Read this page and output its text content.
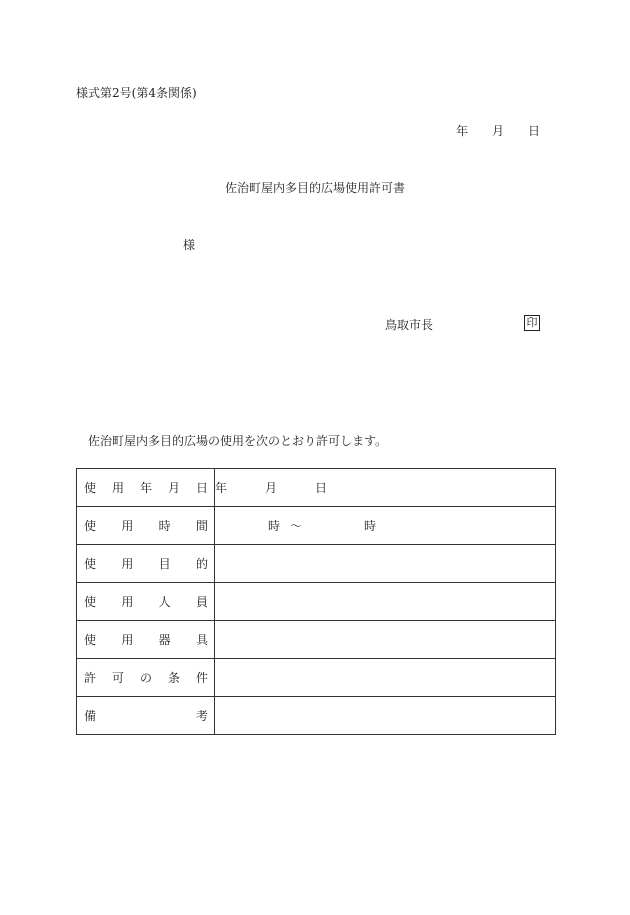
様式第2号(第4条関係)
年 月 日
佐治町屋内多目的広場使用許可書
様
鳥取市長	印
佐治町屋内多目的広場の使用を次のとおり許可します。
使 用 年 月 日	年 月 日

使 用 時 間	時 ～ 時

使 用 目 的	

使 用 人 員	

使 用 器 具	

許 可 の 条 件	

備 考	
